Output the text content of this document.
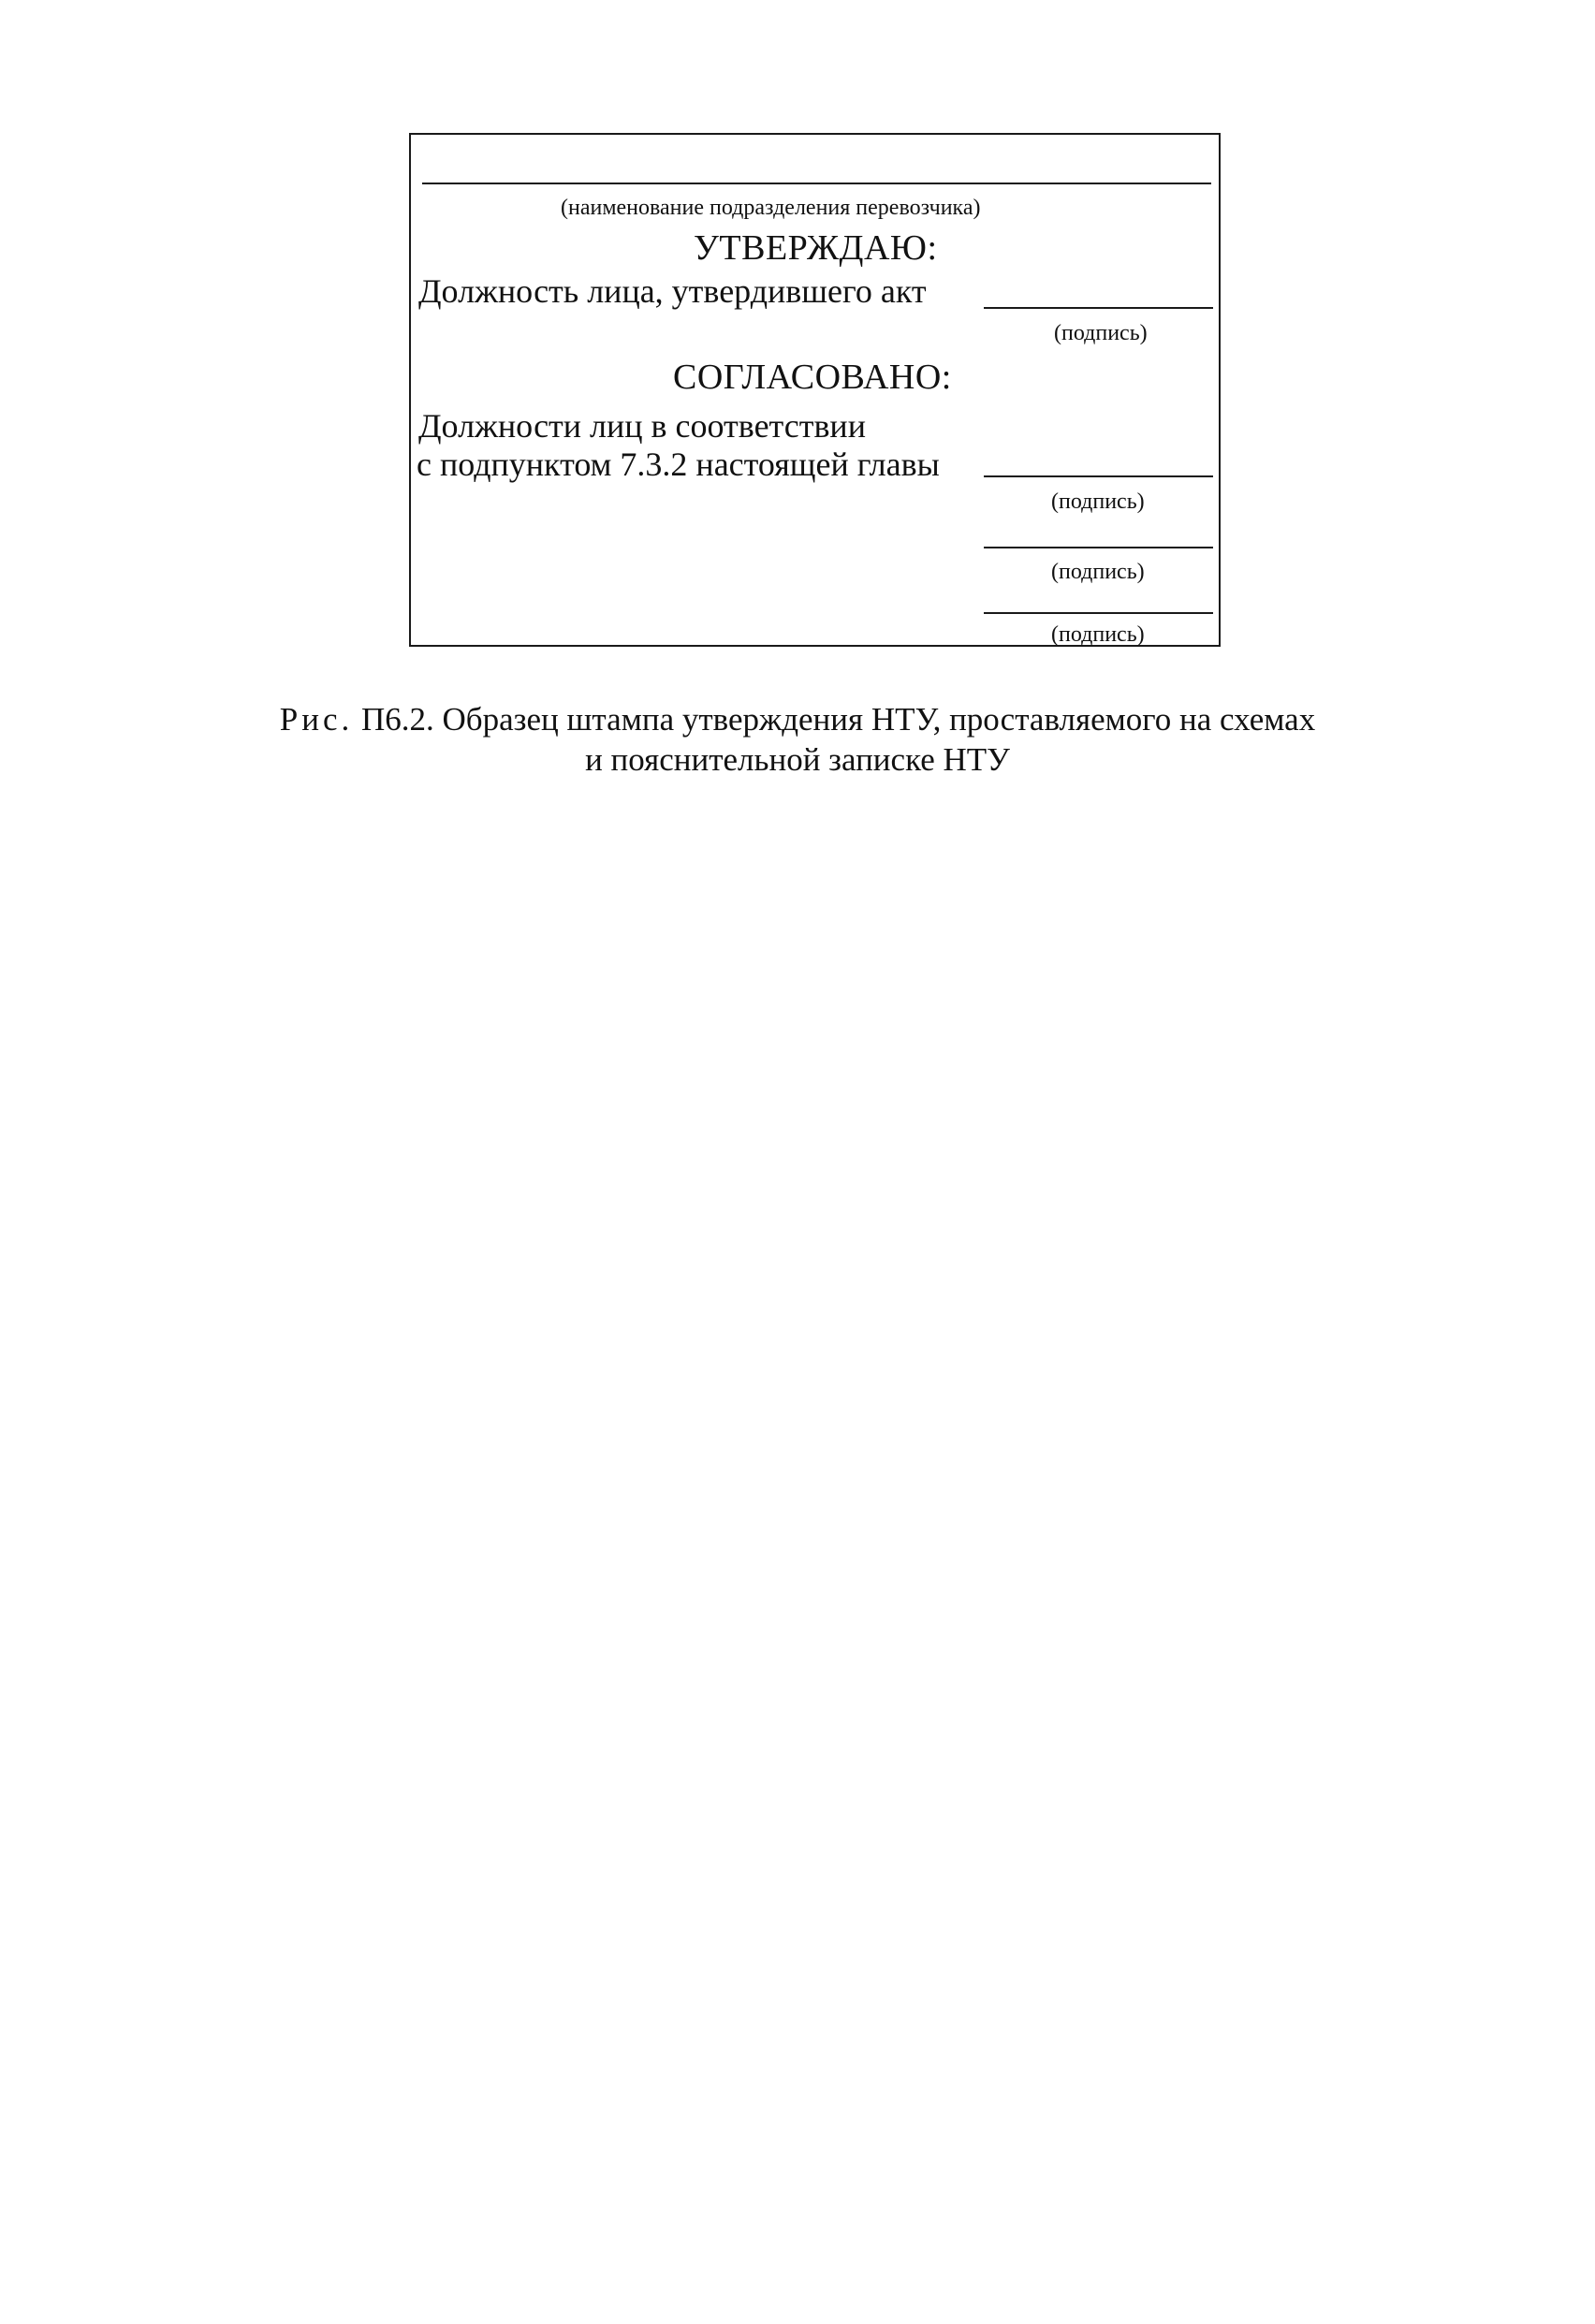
(наименование подразделения перевозчика)
УТВЕРЖДАЮ:
Должность лица, утвердившего акт
(подпись)
СОГЛАСОВАНО:
Должности лиц в соответствии
с подпунктом 7.3.2 настоящей главы
(подпись)
(подпись)
(подпись)
Рис. П6.2. Образец штампа утверждения НТУ, проставляемого на схемах
и пояснительной записке НТУ
